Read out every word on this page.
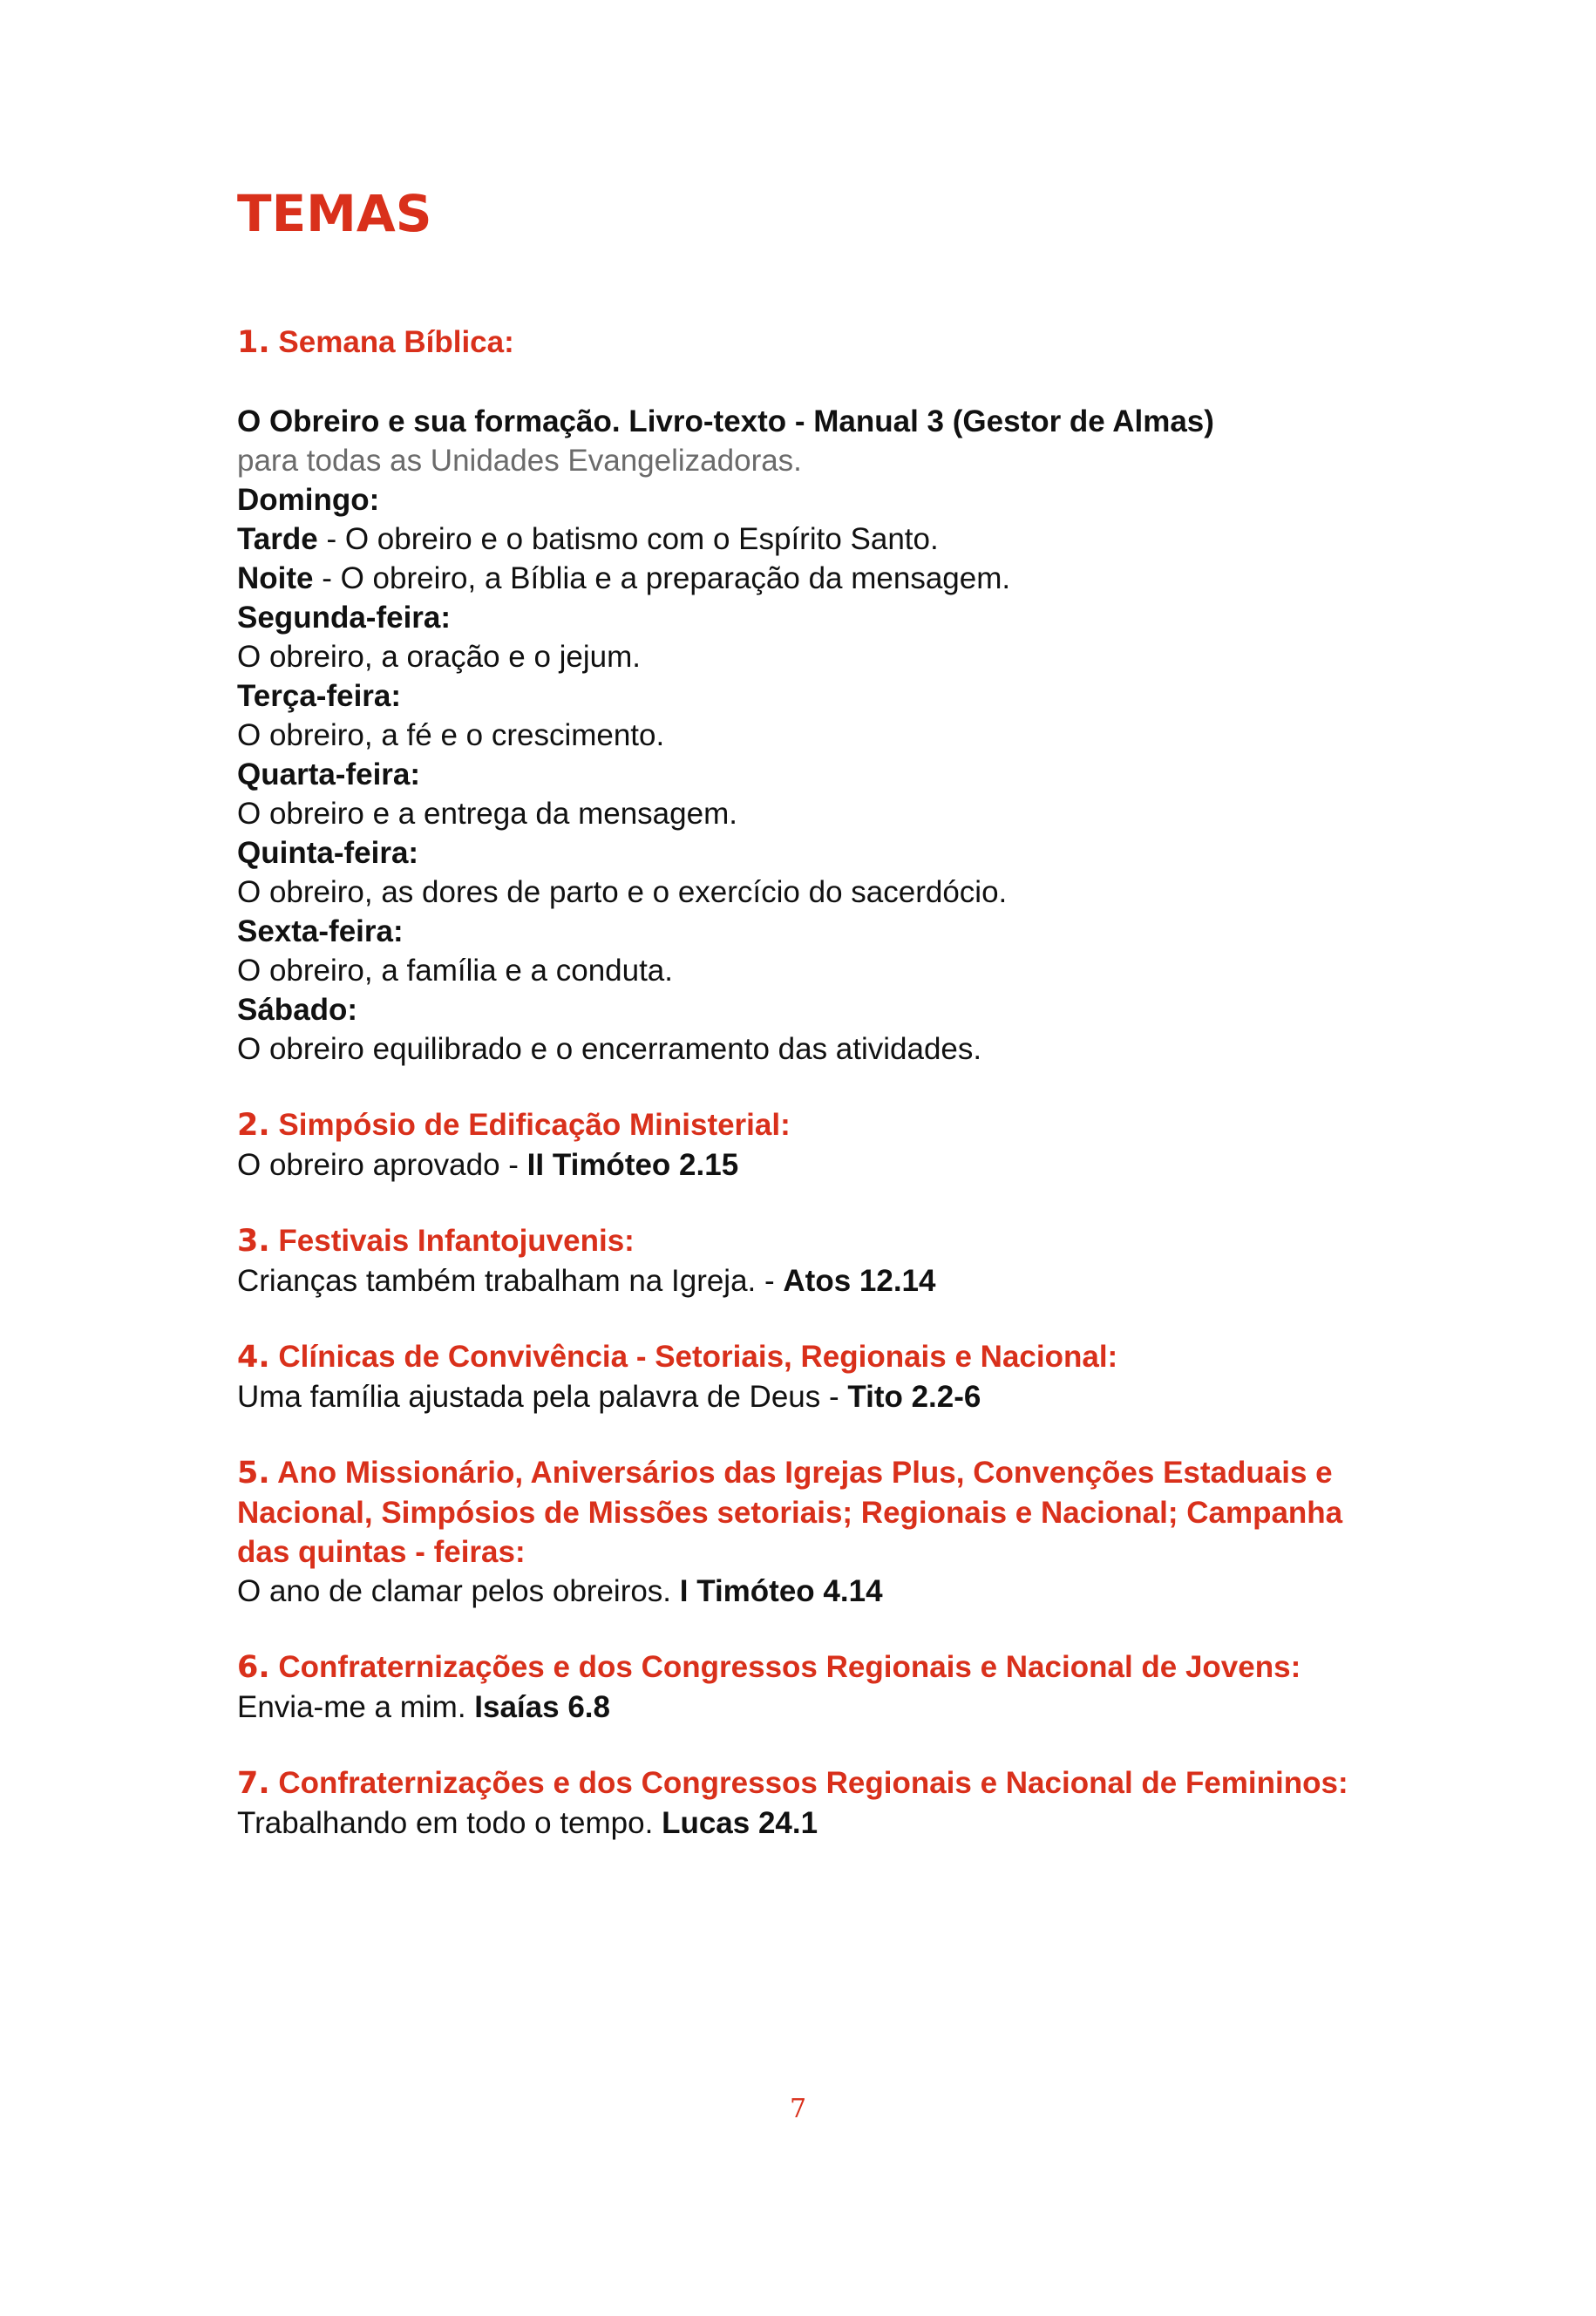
TEMAS
1. Semana Bíblica:
O Obreiro e sua formação. Livro-texto - Manual 3 (Gestor de Almas)
para todas as Unidades Evangelizadoras.
Domingo:
Tarde - O obreiro e o batismo com o Espírito Santo.
Noite - O obreiro, a Bíblia e a preparação da mensagem.
Segunda-feira:
O obreiro, a oração e o jejum.
Terça-feira:
O obreiro, a fé e o crescimento.
Quarta-feira:
O obreiro e a entrega da mensagem.
Quinta-feira:
O obreiro, as dores de parto e o exercício do sacerdócio.
Sexta-feira:
O obreiro, a família e a conduta.
Sábado:
O obreiro equilibrado e o encerramento das atividades.
2. Simpósio de Edificação Ministerial:
O obreiro aprovado - II Timóteo 2.15
3. Festivais Infantojuvenis:
Crianças também trabalham na Igreja. - Atos 12.14
4. Clínicas de Convivência - Setoriais, Regionais e Nacional:
Uma família ajustada pela palavra de Deus - Tito 2.2-6
5. Ano Missionário, Aniversários das Igrejas Plus, Convenções Estaduais e
Nacional, Simpósios de Missões setoriais; Regionais e Nacional; Campanha
das quintas - feiras:
O ano de clamar pelos obreiros. I Timóteo 4.14
6. Confraternizações e dos Congressos Regionais e Nacional de Jovens:
Envia-me a mim. Isaías 6.8
7. Confraternizações e dos Congressos Regionais e Nacional de Femininos:
Trabalhando em todo o tempo. Lucas 24.1
7
